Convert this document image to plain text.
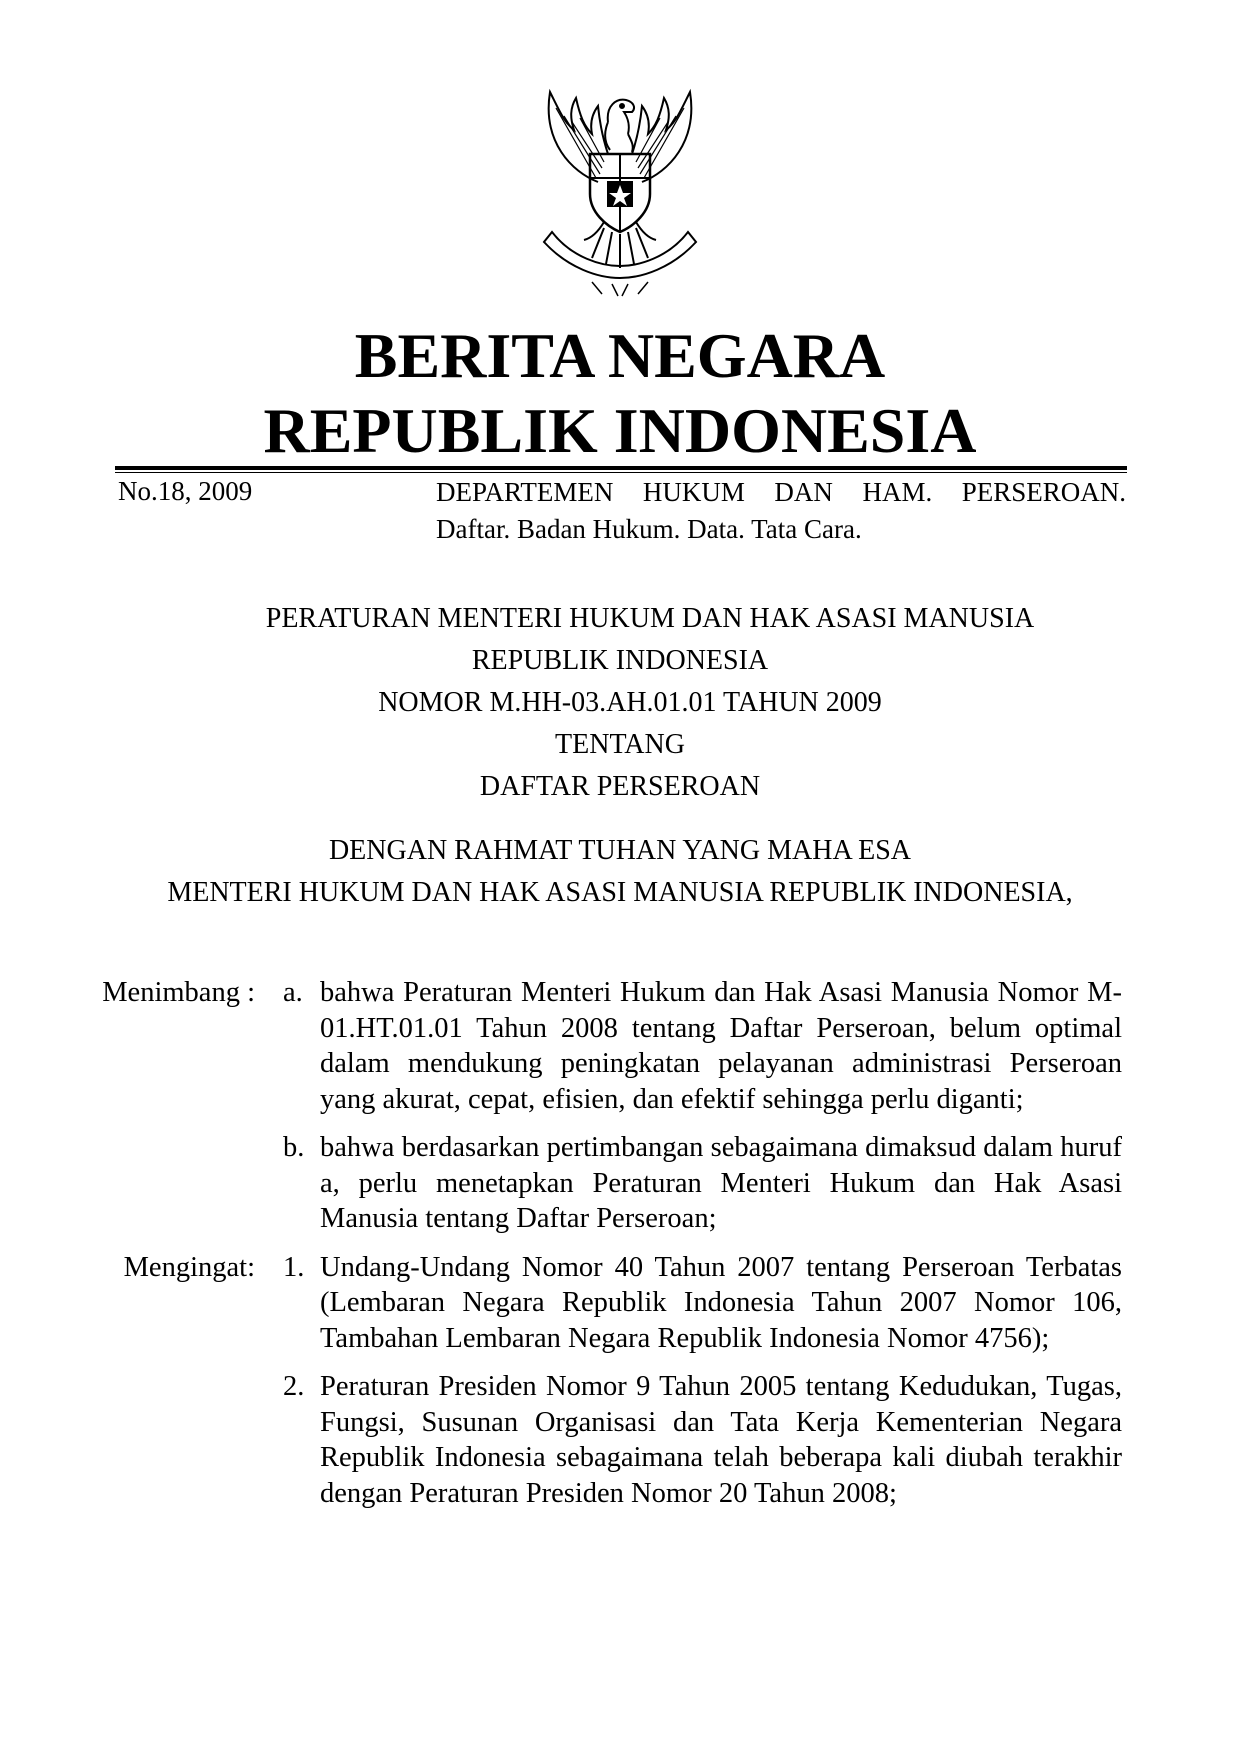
BERITA NEGARA
REPUBLIK INDONESIA
No.18, 2009	DEPARTEMEN HUKUM DAN HAM. PERSEROAN.
Daftar. Badan Hukum. Data. Tata Cara.
PERATURAN MENTERI HUKUM DAN HAK ASASI MANUSIA
REPUBLIK INDONESIA
NOMOR M.HH-03.AH.01.01 TAHUN 2009
TENTANG
DAFTAR PERSEROAN
DENGAN RAHMAT TUHAN YANG MAHA ESA
MENTERI HUKUM DAN HAK ASASI MANUSIA REPUBLIK INDONESIA,
Menimbang : a. bahwa Peraturan Menteri Hukum dan Hak Asasi Manusia Nomor M-01.HT.01.01 Tahun 2008 tentang Daftar Perseroan, belum optimal dalam mendukung peningkatan pelayanan administrasi Perseroan yang akurat, cepat, efisien, dan efektif sehingga perlu diganti;
b. bahwa berdasarkan pertimbangan sebagaimana dimaksud dalam huruf a, perlu menetapkan Peraturan Menteri Hukum dan Hak Asasi Manusia tentang Daftar Perseroan;
Mengingat: 1. Undang-Undang Nomor 40 Tahun 2007 tentang Perseroan Terbatas (Lembaran Negara Republik Indonesia Tahun 2007 Nomor 106, Tambahan Lembaran Negara Republik Indonesia Nomor 4756);
2. Peraturan Presiden Nomor 9 Tahun 2005 tentang Kedudukan, Tugas, Fungsi, Susunan Organisasi dan Tata Kerja Kementerian Negara Republik Indonesia sebagaimana telah beberapa kali diubah terakhir dengan Peraturan Presiden Nomor 20 Tahun 2008;
